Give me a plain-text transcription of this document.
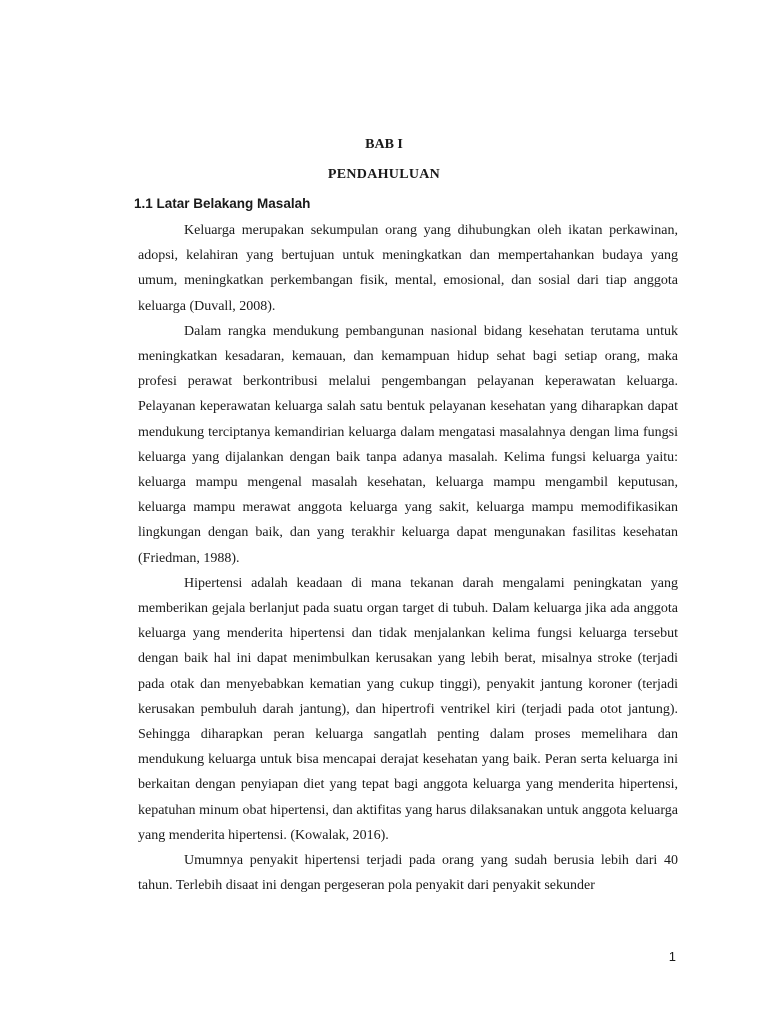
BAB I
PENDAHULUAN
1.1 Latar Belakang Masalah

Keluarga merupakan sekumpulan orang yang dihubungkan oleh ikatan perkawinan, adopsi, kelahiran yang bertujuan untuk meningkatkan dan mempertahankan budaya yang umum, meningkatkan perkembangan fisik, mental, emosional, dan sosial dari tiap anggota keluarga (Duvall, 2008).

Dalam rangka mendukung pembangunan nasional bidang kesehatan terutama untuk meningkatkan kesadaran, kemauan, dan kemampuan hidup sehat bagi setiap orang, maka profesi perawat berkontribusi melalui pengembangan pelayanan keperawatan keluarga. Pelayanan keperawatan keluarga salah satu bentuk pelayanan kesehatan yang diharapkan dapat mendukung terciptanya kemandirian keluarga dalam mengatasi masalahnya dengan lima fungsi keluarga yang dijalankan dengan baik tanpa adanya masalah. Kelima fungsi keluarga yaitu: keluarga mampu mengenal masalah kesehatan, keluarga mampu mengambil keputusan, keluarga mampu merawat anggota keluarga yang sakit, keluarga mampu memodifikasikan lingkungan dengan baik, dan yang terakhir keluarga dapat mengunakan fasilitas kesehatan (Friedman, 1988).

Hipertensi adalah keadaan di mana tekanan darah mengalami peningkatan yang memberikan gejala berlanjut pada suatu organ target di tubuh. Dalam keluarga jika ada anggota keluarga yang menderita hipertensi dan tidak menjalankan kelima fungsi keluarga tersebut dengan baik hal ini dapat menimbulkan kerusakan yang lebih berat, misalnya stroke (terjadi pada otak dan menyebabkan kematian yang cukup tinggi), penyakit jantung koroner (terjadi kerusakan pembuluh darah jantung), dan hipertrofi ventrikel kiri (terjadi pada otot jantung). Sehingga diharapkan peran keluarga sangatlah penting dalam proses memelihara dan mendukung keluarga untuk bisa mencapai derajat kesehatan yang baik. Peran serta keluarga ini berkaitan dengan penyiapan diet yang tepat bagi anggota keluarga yang menderita hipertensi, kepatuhan minum obat hipertensi, dan aktifitas yang harus dilaksanakan untuk anggota keluarga yang menderita hipertensi. (Kowalak, 2016).

Umumnya penyakit hipertensi terjadi pada orang yang sudah berusia lebih dari 40 tahun. Terlebih disaat ini dengan pergeseran pola penyakit dari penyakit sekunder

1
